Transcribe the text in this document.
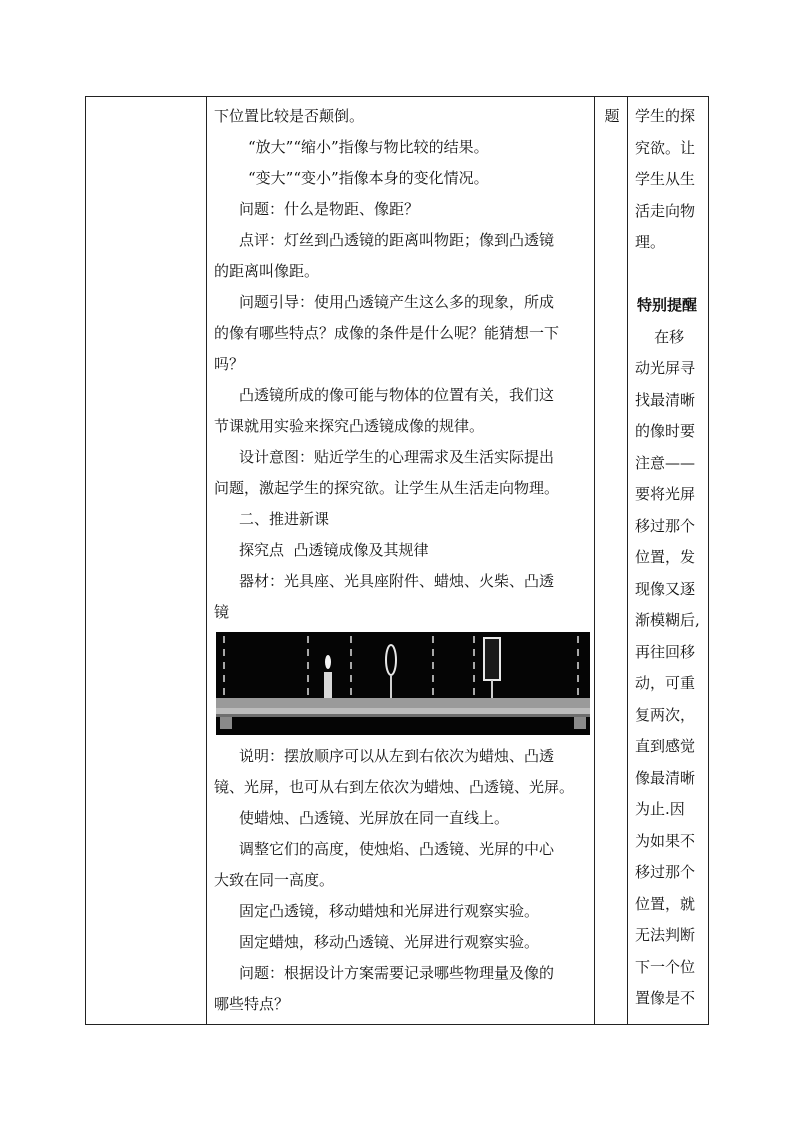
下位置比较是否颠倒。

“放大”“缩小”指像与物比较的结果。

“变大”“变小”指像本身的变化情况。

问题：什么是物距、像距？

点评：灯丝到凸透镜的距离叫物距；像到凸透镜

的距离叫像距。

问题引导：使用凸透镜产生这么多的现象，所成

的像有哪些特点？成像的条件是什么呢？能猜想一下

吗？

凸透镜所成的像可能与物体的位置有关，我们这

节课就用实验来探究凸透镜成像的规律。

设计意图：贴近学生的心理需求及生活实际提出

问题，激起学生的探究欲。让学生从生活走向物理。

二、推进新课

探究点  凸透镜成像及其规律

器材：光具座、光具座附件、蜡烛、火柴、凸透

镜

说明：摆放顺序可以从左到右依次为蜡烛、凸透

镜、光屏，也可从右到左依次为蜡烛、凸透镜、光屏。

使蜡烛、凸透镜、光屏放在同一直线上。

调整它们的高度，使烛焰、凸透镜、光屏的中心

大致在同一高度。

固定凸透镜，移动蜡烛和光屏进行观察实验。

固定蜡烛，移动凸透镜、光屏进行观察实验。

问题：根据设计方案需要记录哪些物理量及像的

哪些特点？

题	学生的探

究欲。让

学生从生

活走向物

理。

特别提醒

在移

动光屏寻

找最清晰

的像时要

注意——

要将光屏

移过那个

位置，发

现像又逐

渐模糊后,

再往回移

动，可重

复两次，

直到感觉

像最清晰

为止.因

为如果不

移过那个

位置，就

无法判断

下一个位

置像是不
